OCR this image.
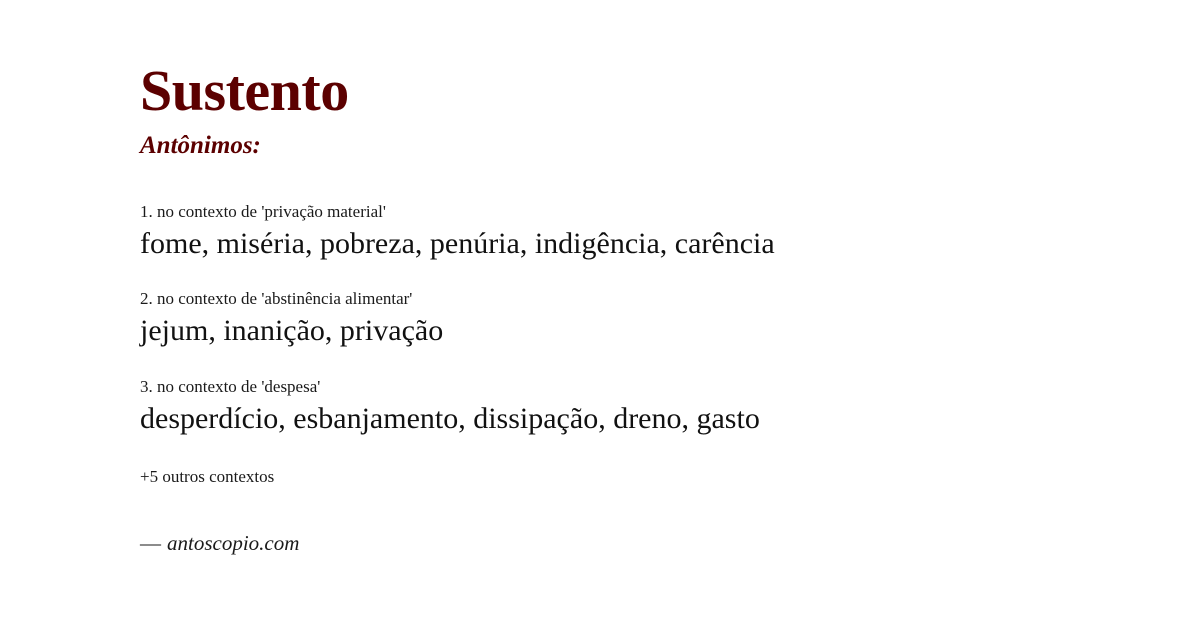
Sustento
Antônimos:
1. no contexto de 'privação material'
fome, miséria, pobreza, penúria, indigência, carência
2. no contexto de 'abstinência alimentar'
jejum, inanição, privação
3. no contexto de 'despesa'
desperdício, esbanjamento, dissipação, dreno, gasto
+5 outros contextos
— antoscopio.com
